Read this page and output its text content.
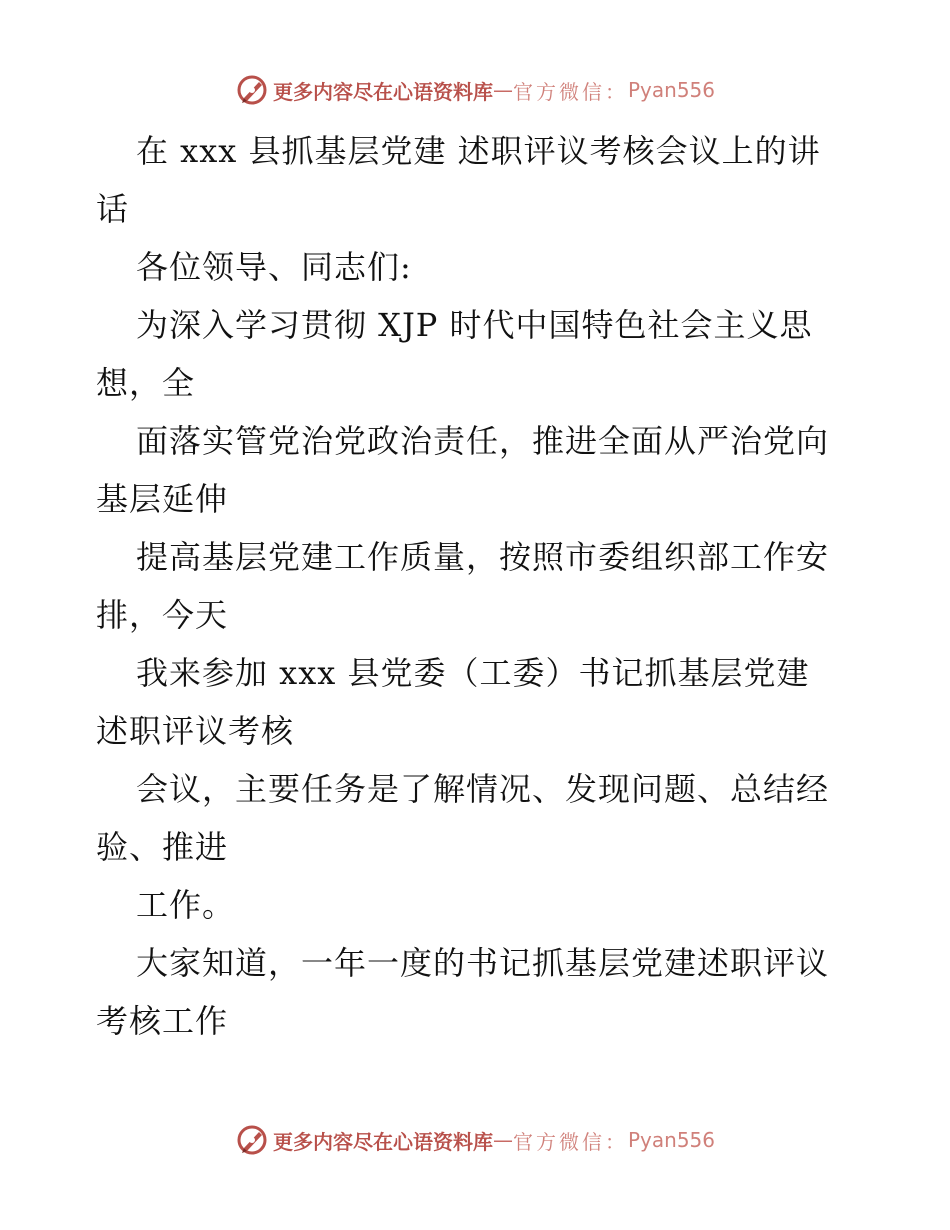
更多内容尽在心语资料库 — 官方微信： Pyan556
在 xxx 县抓基层党建 述职评议考核会议上的讲
话
各位领导、同志们:
为深入学习贯彻 XJP 时代中国特色社会主义思
想，全
面落实管党治党政治责任，推进全面从严治党向
基层延伸
提高基层党建工作质量，按照市委组织部工作安
排，今天
我来参加 xxx 县党委（工委）书记抓基层党建
述职评议考核
会议，主要任务是了解情况、发现问题、总结经
验、推进
工作。
大家知道，一年一度的书记抓基层党建述职评议
考核工作
更多内容尽在心语资料库 — 官方微信： Pyan556
